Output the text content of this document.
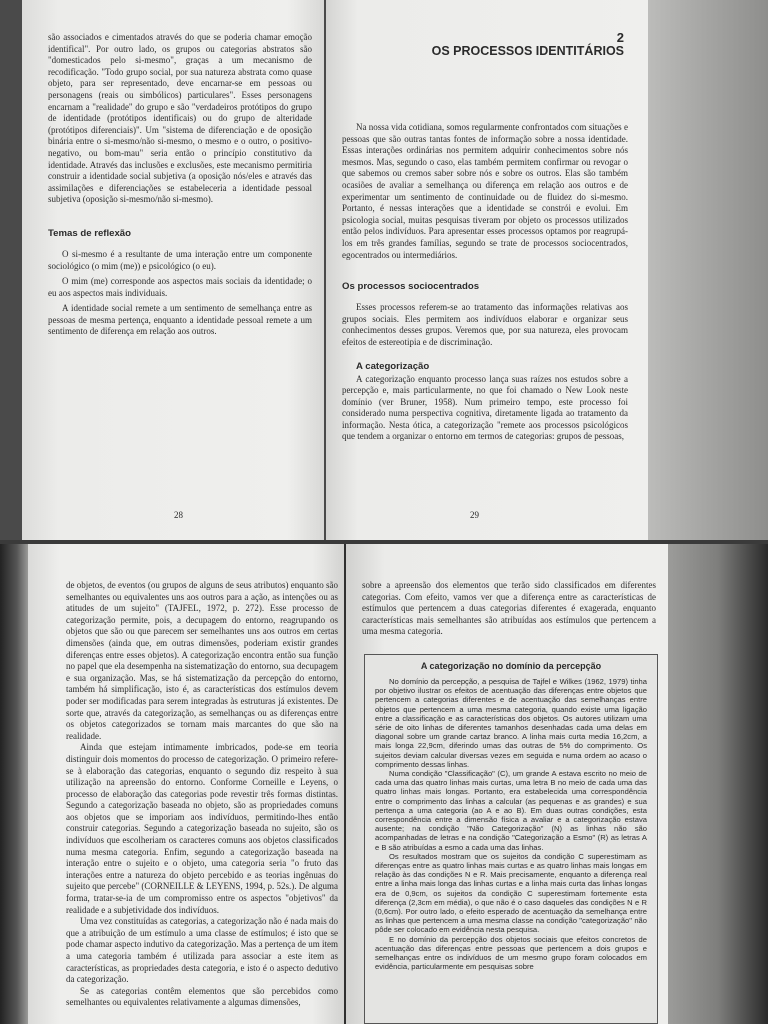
são associados e cimentados através do que se poderia chamar emoção identifical". Por outro lado, os grupos ou categorias abstratos são "domesticados pelo si-mesmo", graças a um mecanismo de recodificação. "Todo grupo social, por sua natureza abstrata como quase objeto, para ser representado, deve encarnar-se em pessoas ou personagens (reais ou simbólicos) particulares". Esses personagens encarnam a "realidade" do grupo e são "verdadeiros protótipos do grupo de identidade (protótipos identificais) ou do grupo de alteridade (protótipos diferenciais)". Um "sistema de diferenciação e de oposição binária entre o si-mesmo/não si-mesmo, o mesmo e o outro, o positivo-negativo, ou bom-mau" seria então o princípio constitutivo da identidade. Através das inclusões e exclusões, este mecanismo permitiria construir a identidade social subjetiva (a oposição nós/eles e através das assimilações e diferenciações se estabeleceria a identidade pessoal subjetiva (oposição si-mesmo/não si-mesmo).

Temas de reflexão

O si-mesmo é a resultante de uma interação entre um componente sociológico (o mim (me)) e psicológico (o eu).

O mim (me) corresponde aos aspectos mais sociais da identidade; o eu aos aspectos mais individuais.

A identidade social remete a um sentimento de semelhança entre as pessoas de mesma pertença, enquanto a identidade pessoal remete a um sentimento de diferença em relação aos outros.

28
2
OS PROCESSOS IDENTITÁRIOS

Na nossa vida cotidiana, somos regularmente confrontados com situações e pessoas que são outras tantas fontes de informação sobre a nossa identidade. Essas interações ordinárias nos permitem adquirir conhecimentos sobre nós mesmos. Mas, segundo o caso, elas também permitem confirmar ou revogar o que sabemos ou cremos saber sobre nós e sobre os outros. Elas são também ocasiões de avaliar a semelhança ou diferença em relação aos outros e de experimentar um sentimento de continuidade ou de fluidez do si-mesmo. Portanto, é nessas interações que a identidade se constrói e evolui. Em psicologia social, muitas pesquisas tiveram por objeto os processos utilizados então pelos indivíduos. Para apresentar esses processos optamos por reagrupá-los em três grandes famílias, segundo se trate de processos sociocentrados, egocentrados ou intermediários.

Os processos sociocentrados

Esses processos referem-se ao tratamento das informações relativas aos grupos sociais. Eles permitem aos indivíduos elaborar e organizar seus conhecimentos desses grupos. Veremos que, por sua natureza, eles provocam efeitos de estereotipia e de discriminação.

A categorização

A categorização enquanto processo lança suas raízes nos estudos sobre a percepção e, mais particularmente, no que foi chamado o New Look neste domínio (ver Bruner, 1958). Num primeiro tempo, este processo foi considerado numa perspectiva cognitiva, diretamente ligada ao tratamento da informação. Nesta ótica, a categorização "remete aos processos psicológicos que tendem a organizar o entorno em termos de categorias: grupos de pessoas,

29

de objetos, de eventos (ou grupos de alguns de seus atributos) enquanto são semelhantes ou equivalentes uns aos outros para a ação, as intenções ou as atitudes de um sujeito" (TAJFEL, 1972, p. 272). Esse processo de categorização permite, pois, a decupagem do entorno, reagrupando os objetos que são ou que parecem ser semelhantes uns aos outros em certas dimensões (ainda que, em outras dimensões, poderiam existir grandes diferenças entre esses objetos). A categorização encontra então sua função no papel que ela desempenha na sistematização do entorno, sua decupagem e sua organização. Mas, se há sistematização da percepção do entorno, também há simplificação, isto é, as características dos estímulos devem poder ser modificadas para serem integradas às estruturas já existentes. De sorte que, através da categorização, as semelhanças ou as diferenças entre os objetos categorizados se tornam mais marcantes do que são na realidade.

Ainda que estejam intimamente imbricados, pode-se em teoria distinguir dois momentos do processo de categorização. O primeiro refere-se à elaboração das categorias, enquanto o segundo diz respeito à sua utilização na apreensão do entorno. Conforme Corneille e Leyens, o processo de elaboração das categorias pode revestir três formas distintas. Segundo a categorização baseada no objeto, são as propriedades comuns aos objetos que se imporiam aos indivíduos, permitindo-lhes então construir categorias. Segundo a categorização baseada no sujeito, são os indivíduos que escolheriam os caracteres comuns aos objetos classificados numa mesma categoria. Enfim, segundo a categorização baseada na interação entre o sujeito e o objeto, uma categoria seria "o fruto das interações entre a natureza do objeto percebido e as teorias ingênuas do sujeito que percebe" (CORNEILLE & LEYENS, 1994, p. 52s.). De alguma forma, tratar-se-ia de um compromisso entre os aspectos "objetivos" da realidade e a subjetividade dos indivíduos.

Uma vez constituídas as categorias, a categorização não é nada mais do que a atribuição de um estímulo a uma classe de estímulos; é isto que se pode chamar aspecto indutivo da categorização. Mas a pertença de um item a uma categoria também é utilizada para associar a este item as características, as propriedades desta categoria, e isto é o aspecto dedutivo da categorização.

Se as categorias contêm elementos que são percebidos como semelhantes ou equivalentes relativamente a algumas dimensões,

sobre a apreensão dos elementos que terão sido classificados em diferentes categorias. Com efeito, vamos ver que a diferença entre as características de estímulos que pertencem a duas categorias diferentes é exagerada, enquanto características mais semelhantes são atribuídas aos estímulos que pertencem a uma mesma categoria.

A categorização no domínio da percepção

No domínio da percepção, a pesquisa de Tajfel e Wilkes (1962, 1979) tinha por objetivo ilustrar os efeitos de acentuação das diferenças entre objetos que pertencem a categorias diferentes e de acentuação das semelhanças entre objetos que pertencem a uma mesma categoria, quando existe uma ligação entre a classificação e as características dos objetos. Os autores utilizam uma série de oito linhas de diferentes tamanhos desenhadas cada uma delas em diagonal sobre um grande cartaz branco. A linha mais curta media 16,2cm, a mais longa 22,9cm, diferindo umas das outras de 5% do comprimento. Os sujeitos deviam calcular diversas vezes em seguida e numa ordem ao acaso o comprimento dessas linhas.

Numa condição "Classificação" (C), um grande A estava escrito no meio de cada uma das quatro linhas mais curtas, uma letra B no meio de cada uma das quatro linhas mais longas. Portanto, era estabelecida uma correspondência entre o comprimento das linhas a calcular (as pequenas e as grandes) e sua pertença a uma categoria (ao A e ao B). Em duas outras condições, esta correspondência entre a dimensão física a avaliar e a categorização estava ausente; na condição "Não Categorização" (N) as linhas não são acompanhadas de letras e na condição "Categorização a Esmo" (R) as letras A e B são atribuídas a esmo a cada uma das linhas.

Os resultados mostram que os sujeitos da condição C superestimam as diferenças entre as quatro linhas mais curtas e as quatro linhas mais longas em relação às das condições N e R. Mais precisamente, enquanto a diferença real entre a linha mais longa das linhas curtas e a linha mais curta das linhas longas era de 0,9cm, os sujeitos da condição C superestimam fortemente esta diferença (2,3cm em média), o que não é o caso daqueles das condições N e R (0,6cm). Por outro lado, o efeito esperado de acentuação da semelhança entre as linhas que pertencem a uma mesma classe na condição "categorização" não pôde ser colocado em evidência nesta pesquisa.

E no domínio da percepção dos objetos sociais que efeitos concretos de acentuação das diferenças entre pessoas que pertencem a dois grupos e semelhanças entre os indivíduos de um mesmo grupo foram colocados em evidência, particularmente em pesquisas sobre
